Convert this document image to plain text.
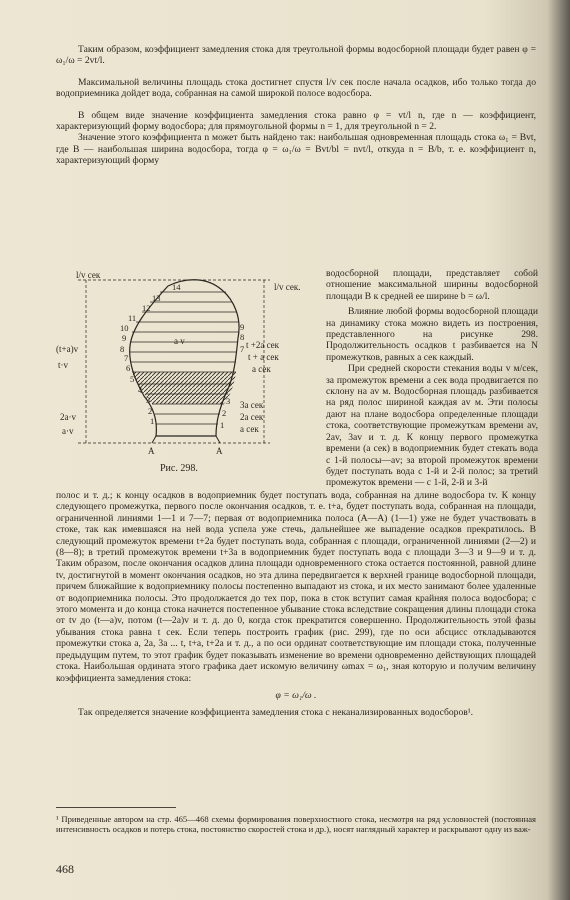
Таким образом, коэффициент замедления стока для треугольной формы водосборной площади будет равен φ = ω₁/ω = 2vt/l.

Максимальной величины площадь стока достигнет спустя l/v сек после начала осадков, ибо только тогда до водоприемника дойдет вода, собранная на самой широкой полосе водосбора.

В общем виде значение коэффициента замедления стока равно φ = vt/l n, где n — коэффициент, характеризующий форму водосбора; для прямоугольной формы n = 1, для треугольной n = 2.

Значение этого коэффициента n может быть найдено так: наибольшая одновременная площадь стока ω₁ = Bvt, где B — наибольшая ширина водосбора, тогда φ = ω₁/ω = Bvt/bl = nvt/l, откуда n = B/b, т. е. коэффициент n, характеризующий форму

l/v сек
l/v сек.
(t+a)v
t·v
2a·v
a·v
t +2a сек
t + a сек
a сек
3a сек
2a сек
a сек
a v
14
13
12
11
10
9
8
7
6
5
4
3
2
1
9
8
7
3
2
1
A	A
Рис. 298.

водосборной площади, представляет собой отношение максимальной ширины водосборной площади B к средней ее ширине b = ω/l.

Влияние любой формы водосборной площади на динамику стока можно видеть из построения, представленного на рисунке 298. Продолжительность осадков t разбивается на N промежутков, равных a сек каждый.

При средней скорости стекания воды v м/сек, за промежуток времени a сек вода продвигается по склону на av м. Водосборная площадь разбивается на ряд полос шириной каждая av м. Эти полосы дают на плане водосбора определенные площади стока, соответствующие промежуткам времени av, 2av, 3av и т. д. К концу первого промежутка времени (a сек) в водоприемник будет стекать вода с 1-й полосы—av; за второй промежуток времени будет поступать вода с 1-й и 2-й полос; за третий промежуток времени — с 1-й, 2-й и 3-й

полос и т. д.; к концу осадков в водоприемник будет поступать вода, собранная на длине водосбора tv. К концу следующего промежутка, первого после окончания осадков, т. е. t+a, будет поступать вода, собранная на площади, ограниченной линиями 1—1 и 7—7; первая от водоприемника полоса (A—A) (1—1) уже не будет участвовать в стоке, так как имевшаяся на ней вода успела уже стечь, дальнейшее же выпадение осадков прекратилось. В следующий промежуток времени t+2a будет поступать вода, собранная с площади, ограниченной линиями (2—2) и (8—8); в третий промежуток времени t+3a в водоприемник будет поступать вода с площади 3—3 и 9—9 и т. д. Таким образом, после окончания осадков длина площади одновременного стока остается постоянной, равной длине tv, достигнутой в момент окончания осадков, но эта длина передвигается к верхней границе водосборной площади, причем ближайшие к водоприемнику полосы постепенно выпадают из стока, и их место занимают более удаленные от водоприемника полосы. Это продолжается до тех пор, пока в сток вступит самая крайняя полоса водосбора; с этого момента и до конца стока начнется постепенное убывание стока вследствие сокращения длины площади стока от tv до (t—a)v, потом (t—2a)v и т. д. до 0, когда сток прекратится совершенно. Продолжительность этой фазы убывания стока равна t сек. Если теперь построить график (рис. 299), где по оси абсцисс откладываются промежутки стока a, 2a, 3a ... t, t+a, t+2a и т. д., а по оси ординат соответствующие им площади стока, полученные предыдущим путем, то этот график будет показывать изменение во времени одновременно действующих площадей стока. Наибольшая ордината этого графика дает искомую величину ωmax = ω₁, зная которую и получим величину коэффициента замедления стока:

φ = ω₁/ω .

Так определяется значение коэффициента замедления стока с неканализированных водосборов¹.

¹ Приведенные автором на стр. 465—468 схемы формирования поверхностного стока, несмотря на ряд условностей (постоянная интенсивность осадков и потерь стока, постоянство скоростей стока и др.), носят наглядный характер и раскрывают одну из важ-
468
